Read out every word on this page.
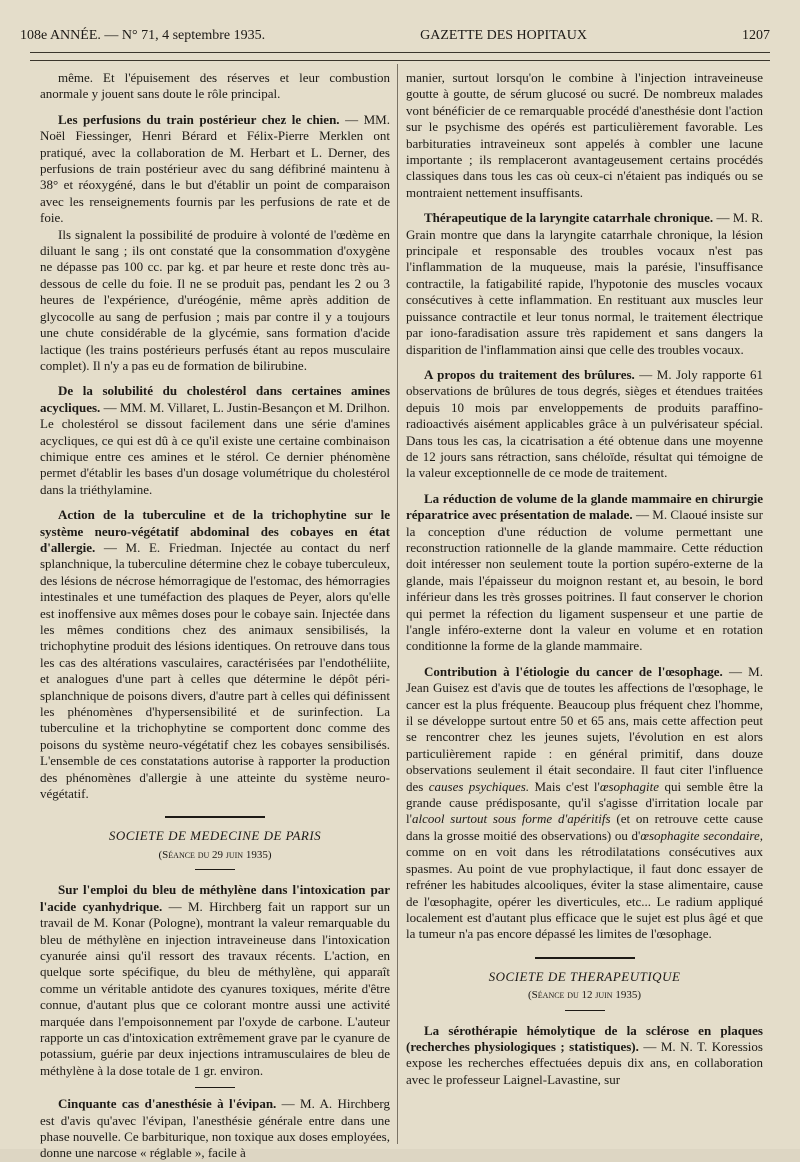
108e ANNÉE. — N° 71, 4 septembre 1935.	GAZETTE DES HOPITAUX	1207

même. Et l'épuisement des réserves et leur combustion anormale y jouent sans doute le rôle principal.

Les perfusions du train postérieur chez le chien. — MM. Noël Fiessinger, Henri Bérard et Félix-Pierre Merklen ont pratiqué, avec la collaboration de M. Herbart et L. Derner, des perfusions de train postérieur avec du sang défibriné maintenu à 38° et réoxygéné, dans le but d'établir un point de comparaison avec les renseignements fournis par les perfusions de rate et de foie.

Ils signalent la possibilité de produire à volonté de l'œdème en diluant le sang ; ils ont constaté que la consommation d'oxygène ne dépasse pas 100 cc. par kg. et par heure et reste donc très au-dessous de celle du foie. Il ne se produit pas, pendant les 2 ou 3 heures de l'expérience, d'uréogénie, même après addition de glycocolle au sang de perfusion ; mais par contre il y a toujours une chute considérable de la glycémie, sans formation d'acide lactique (les trains postérieurs perfusés étant au repos musculaire complet). Il n'y a pas eu de formation de bilirubine.

De la solubilité du cholestérol dans certaines amines acycliques. — MM. M. Villaret, L. Justin-Besançon et M. Drilhon. Le cholestérol se dissout facilement dans une série d'amines acycliques, ce qui est dû à ce qu'il existe une certaine combinaison chimique entre ces amines et le stérol. Ce dernier phénomène permet d'établir les bases d'un dosage volumétrique du cholestérol dans la triéthylamine.

Action de la tuberculine et de la trichophytine sur le système neuro-végétatif abdominal des cobayes en état d'allergie. — M. E. Friedman. Injectée au contact du nerf splanchnique, la tuberculine détermine chez le cobaye tuberculeux, des lésions de nécrose hémorragique de l'estomac, des hémorragies intestinales et une tuméfaction des plaques de Peyer, alors qu'elle est inoffensive aux mêmes doses pour le cobaye sain. Injectée dans les mêmes conditions chez des animaux sensibilisés, la trichophytine produit des lésions identiques. On retrouve dans tous les cas des altérations vasculaires, caractérisées par l'endothéliite, et analogues d'une part à celles que détermine le dépôt péri-splanchnique de poisons divers, d'autre part à celles qui définissent les phénomènes d'hypersensibilité et de surinfection. La tuberculine et la trichophytine se comportent donc comme des poisons du système neuro-végétatif chez les cobayes sensibilisés. L'ensemble de ces constatations autorise à rapporter la production des phénomènes d'allergie à une atteinte du système neuro-végétatif.

SOCIETE DE MEDECINE DE PARIS

(Séance du 29 juin 1935)

Sur l'emploi du bleu de méthylène dans l'intoxication par l'acide cyanhydrique. — M. Hirchberg fait un rapport sur un travail de M. Konar (Pologne), montrant la valeur remarquable du bleu de méthylène en injection intraveineuse dans l'intoxication cyanurée ainsi qu'il ressort des travaux récents. L'action, en quelque sorte spécifique, du bleu de méthylène, qui apparaît comme un véritable antidote des cyanures toxiques, mérite d'être connue, d'autant plus que ce colorant montre aussi une activité marquée dans l'empoisonnement par l'oxyde de carbone. L'auteur rapporte un cas d'intoxication extrêmement grave par le cyanure de potassium, guérie par deux injections intramusculaires de bleu de méthylène à la dose totale de 1 gr. environ.

Cinquante cas d'anesthésie à l'évipan. — M. A. Hirchberg est d'avis qu'avec l'évipan, l'anesthésie générale entre dans une phase nouvelle. Ce barbiturique, non toxique aux doses employées, donne une narcose « réglable », facile à

manier, surtout lorsqu'on le combine à l'injection intraveineuse goutte à goutte, de sérum glucosé ou sucré. De nombreux malades vont bénéficier de ce remarquable procédé d'anesthésie dont l'action sur le psychisme des opérés est particulièrement favorable. Les barbituraties intraveineux sont appelés à combler une lacune importante ; ils remplaceront avantageusement certains procédés classiques dans tous les cas où ceux-ci n'étaient pas indiqués ou se montraient nettement insuffisants.

Thérapeutique de la laryngite catarrhale chronique. — M. R. Grain montre que dans la laryngite catarrhale chronique, la lésion principale et responsable des troubles vocaux n'est pas l'inflammation de la muqueuse, mais la parésie, l'insuffisance contractile, la fatigabilité rapide, l'hypotonie des muscles vocaux consécutives à cette inflammation. En restituant aux muscles leur puissance contractile et leur tonus normal, le traitement électrique par iono-faradisation assure très rapidement et sans dangers la disparition de l'inflammation ainsi que celle des troubles vocaux.

A propos du traitement des brûlures. — M. Joly rapporte 61 observations de brûlures de tous degrés, sièges et étendues traitées depuis 10 mois par enveloppements de produits paraffino-radioactivés aisément applicables grâce à un pulvérisateur spécial. Dans tous les cas, la cicatrisation a été obtenue dans une moyenne de 12 jours sans rétraction, sans chéloïde, résultat qui témoigne de la valeur exceptionnelle de ce mode de traitement.

La réduction de volume de la glande mammaire en chirurgie réparatrice avec présentation de malade. — M. Claoué insiste sur la conception d'une réduction de volume permettant une reconstruction rationnelle de la glande mammaire. Cette réduction doit intéresser non seulement toute la portion supéro-externe de la glande, mais l'épaisseur du moignon restant et, au besoin, le bord inférieur dans les très grosses poitrines. Il faut conserver le chorion qui permet la réfection du ligament suspenseur et une partie de l'angle inféro-externe dont la valeur en volume et en rotation conditionne la forme de la glande mammaire.

Contribution à l'étiologie du cancer de l'œsophage. — M. Jean Guisez est d'avis que de toutes les affections de l'œsophage, le cancer est la plus fréquente. Beaucoup plus fréquent chez l'homme, il se développe surtout entre 50 et 65 ans, mais cette affection peut se rencontrer chez les jeunes sujets, l'évolution en est alors particulièrement rapide : en général primitif, dans douze observations seulement il était secondaire. Il faut citer l'influence des causes psychiques. Mais c'est l'œsophagite qui semble être la grande cause prédisposante, qu'il s'agisse d'irritation locale par l'alcool surtout sous forme d'apéritifs (et on retrouve cette cause dans la grosse moitié des observations) ou d'œsophagite secondaire, comme on en voit dans les rétrodilatations consécutives aux spasmes. Au point de vue prophylactique, il faut donc essayer de refréner les habitudes alcooliques, éviter la stase alimentaire, cause de l'œsophagite, opérer les diverticules, etc... Le radium appliqué localement est d'autant plus efficace que le sujet est plus âgé et que la tumeur n'a pas encore dépassé les limites de l'œsophage.

SOCIETE DE THERAPEUTIQUE

(Séance du 12 juin 1935)

La sérothérapie hémolytique de la sclérose en plaques (recherches physiologiques ; statistiques). — M. N. T. Koressios expose les recherches effectuées depuis dix ans, en collaboration avec le professeur Laignel-Lavastine, sur
